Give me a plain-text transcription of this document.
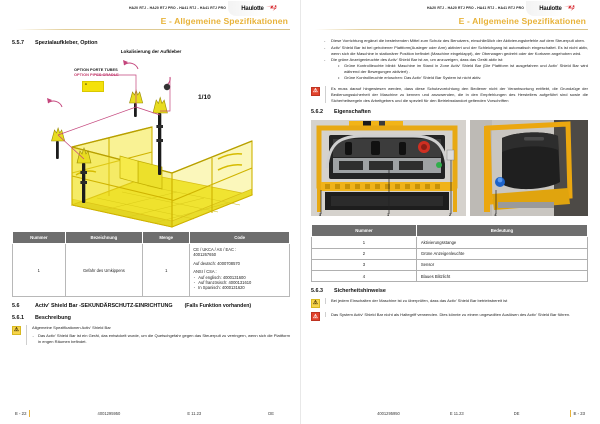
HA20 RTJ - HA20 RTJ PRO - HA41 RTJ - HA41 RTJ PRO	Haulotte
E - Allgemeine Spezifikationen
5.5.7	Spezialaufkleber, Option
Lokalisierung der Aufkleber
OPTION PORTE TUBES
OPTION PIPES CRADLE
1/10
A
Nummer	Bezeichnung	Menge	Code
1	Gefahr des Umkippens	1	
CE / UKCA / AS / EAC :
4001267650
Auf deutsch: 4000708570
ANSI / CSA :
- Auf englisch: 4000131600
- Auf französisch: 4000131610
- In Spanisch: 4000131620
5.6	Activ' Shield Bar -SEKUNDÄRSCHUTZ-EINRICHTUNG (Falls Funktion vorhanden)
5.6.1	Beschreibung
⚠	Allgemeine Spezifikationen Activ' Shield Bar

- Das Activ' Shield Bar ist ein Gerät, das entwickelt wurde, um die Quetschgefahr gegen das Steuerpult zu verringern, wenn sich die Plattform in engen Räumen befindet.
E - 22	4001295950	E 11.23	DE
HA20 RTJ - HA20 RTJ PRO - HA41 RTJ - HA41 RTJ PRO	Haulotte
E - Allgemeine Spezifikationen
- Diese Vorrichtung ergänzt die bestehenden Mittel zum Schutz des Benutzers, einschließlich der Aktivierungsbefehle auf dem Steuerpult oben.
- Activ' Shield Bar ist bei gehobener Plattform(Ausleger oder Arm) aktiviert und der Schleichgang ist automatisch eingeschaltet. Es ist nicht aktiv, wenn sich die Maschine in stationärer Position befindet (Maschine eingeklappt), der Oberwagen gedreht oder der Korbarm angehoben wird.
- Die grüne Anzeigenleuchte des Activ' Shield Bar ist an, um anzuzeigen, dass das Gerät aktiv ist:
• Grüne Kontrollleuchte blinkt: Maschine im Stand in Zone Activ' Shield Bar (Die Plattform ist ausgefahren und Activ' Shield Bar wird während der Bewegungen aktiviert) .
• Grüne Kontrollleuchte erloschen: Das Activ' Shield Bar System ist nicht aktiv.
⚠	Es muss darauf hingewiesen werden, dass diese Schutzvorrichtung den Bediener nicht der Verantwortung entfiebt, die Grundzüge der Bedienungssicherheit der Maschine zu kennen und anzuwenden, die in den Empfehlungen des Herstellers aufgeführt sind sowie die Sicherheitsregeln des Arbeitgebers und die speziell für den Betriebsstandort geltenden Vorschriften

5.6.2	Eigenschaften
3	1	2	4
Nummer	Bedeutung
1	Aktivierungsstange
2	Grüne Anzeigenleuchte
3	Sensor
4	Blaues Blitzlicht
5.6.3	Sicherheitshinweise
⚠	Bei jedem Einschalten der Maschine ist zu überprüfen, dass das Activ' Shield Bar betriebsbereit ist

⚠	Das System Activ' Shield Bar nicht als Haltegriff verwenden. Dies könnte zu einem ungewollten Auslösen des Activ' Shield Bar führen.

4001295950	E 11.23	DE	E - 23
